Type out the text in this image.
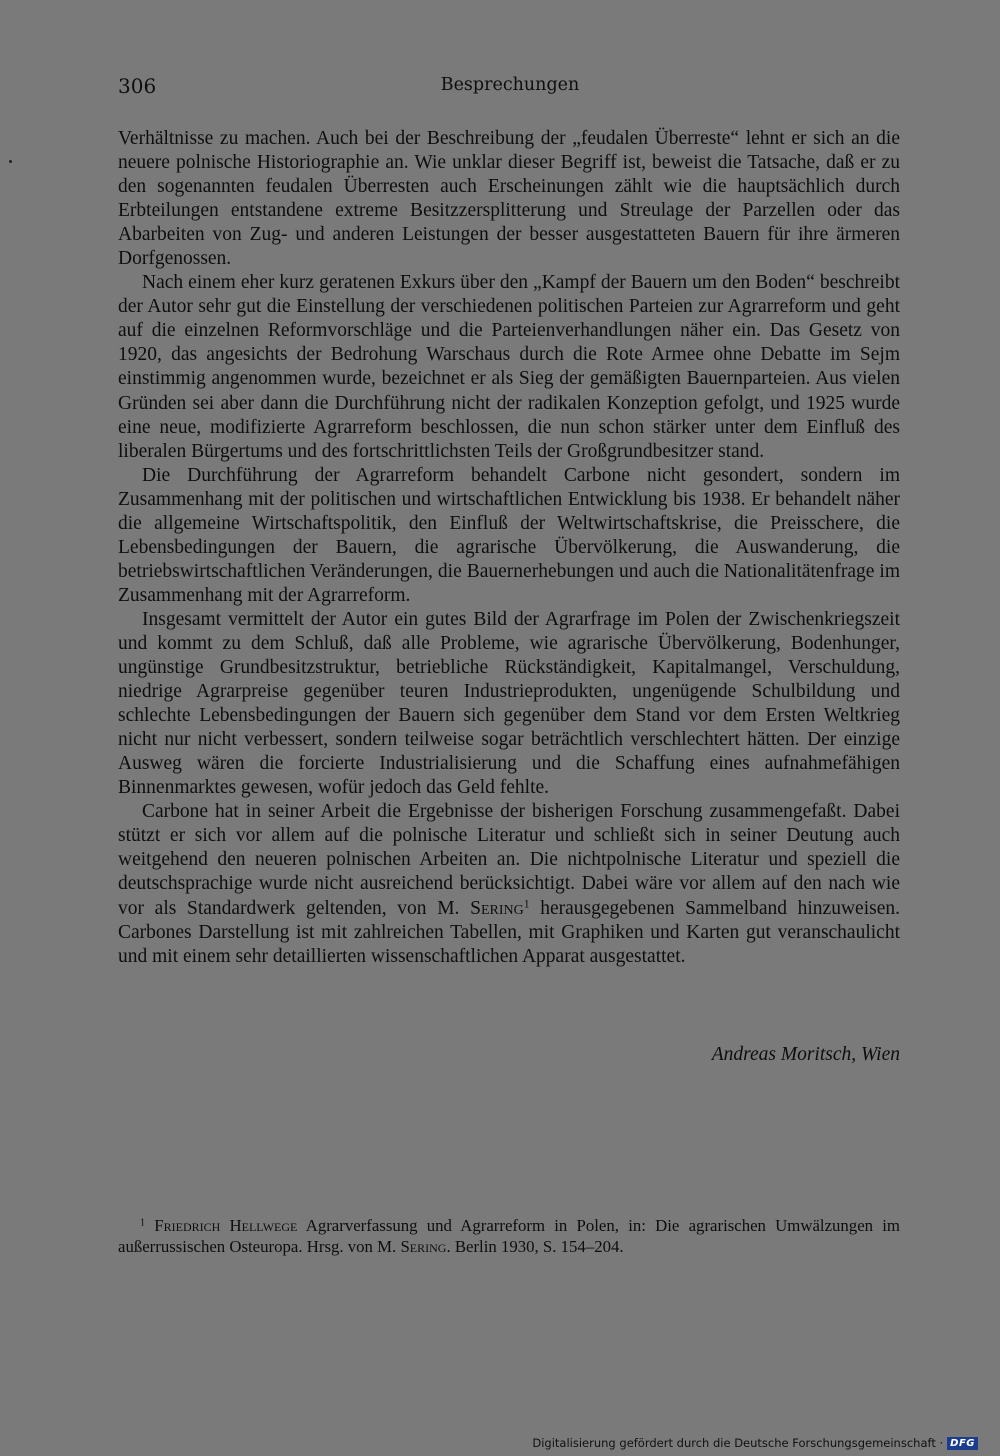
306	Besprechungen

Verhältnisse zu machen. Auch bei der Beschreibung der „feudalen Überreste“ lehnt er sich an die neuere polnische Historiographie an. Wie unklar dieser Begriff ist, beweist die Tatsache, daß er zu den sogenannten feudalen Überresten auch Erscheinungen zählt wie die hauptsächlich durch Erbteilungen entstandene extreme Besitzzersplitterung und Streulage der Parzellen oder das Abarbeiten von Zug- und anderen Leistungen der besser ausgestatteten Bauern für ihre ärmeren Dorfgenossen.

Nach einem eher kurz geratenen Exkurs über den „Kampf der Bauern um den Boden“ beschreibt der Autor sehr gut die Einstellung der verschiedenen politischen Parteien zur Agrarreform und geht auf die einzelnen Reformvorschläge und die Parteienverhandlungen näher ein. Das Gesetz von 1920, das angesichts der Bedrohung Warschaus durch die Rote Armee ohne Debatte im Sejm einstimmig angenommen wurde, bezeichnet er als Sieg der gemäßigten Bauernparteien. Aus vielen Gründen sei aber dann die Durchführung nicht der radikalen Konzeption gefolgt, und 1925 wurde eine neue, modifizierte Agrarreform beschlossen, die nun schon stärker unter dem Einfluß des liberalen Bürgertums und des fortschrittlichsten Teils der Großgrundbesitzer stand.

Die Durchführung der Agrarreform behandelt Carbone nicht gesondert, sondern im Zusammenhang mit der politischen und wirtschaftlichen Entwicklung bis 1938. Er behandelt näher die allgemeine Wirtschaftspolitik, den Einfluß der Weltwirtschaftskrise, die Preisschere, die Lebensbedingungen der Bauern, die agrarische Übervölkerung, die Auswanderung, die betriebswirtschaftlichen Veränderungen, die Bauernerhebungen und auch die Nationalitätenfrage im Zusammenhang mit der Agrarreform.

Insgesamt vermittelt der Autor ein gutes Bild der Agrarfrage im Polen der Zwischenkriegszeit und kommt zu dem Schluß, daß alle Probleme, wie agrarische Übervölkerung, Bodenhunger, ungünstige Grundbesitzstruktur, betriebliche Rückständigkeit, Kapitalmangel, Verschuldung, niedrige Agrarpreise gegenüber teuren Industrieprodukten, ungenügende Schulbildung und schlechte Lebensbedingungen der Bauern sich gegenüber dem Stand vor dem Ersten Weltkrieg nicht nur nicht verbessert, sondern teilweise sogar beträchtlich verschlechtert hätten. Der einzige Ausweg wären die forcierte Industrialisierung und die Schaffung eines aufnahmefähigen Binnenmarktes gewesen, wofür jedoch das Geld fehlte.

Carbone hat in seiner Arbeit die Ergebnisse der bisherigen Forschung zusammengefaßt. Dabei stützt er sich vor allem auf die polnische Literatur und schließt sich in seiner Deutung auch weitgehend den neueren polnischen Arbeiten an. Die nichtpolnische Literatur und speziell die deutschsprachige wurde nicht ausreichend berücksichtigt. Dabei wäre vor allem auf den nach wie vor als Standardwerk geltenden, von M. Sering$^1$ herausgegebenen Sammelband hinzuweisen. Carbones Darstellung ist mit zahlreichen Tabellen, mit Graphiken und Karten gut veranschaulicht und mit einem sehr detaillierten wissenschaftlichen Apparat ausgestattet.

Andreas Moritsch, Wien
$^1$ Friedrich Hellwege Agrarverfassung und Agrarreform in Polen, in: Die agrarischen Umwälzungen im außerrussischen Osteuropa. Hrsg. von M. Sering. Berlin 1930, S. 154–204.
Digitalisierung gefördert durch die Deutsche Forschungsgemeinschaft · DFG
